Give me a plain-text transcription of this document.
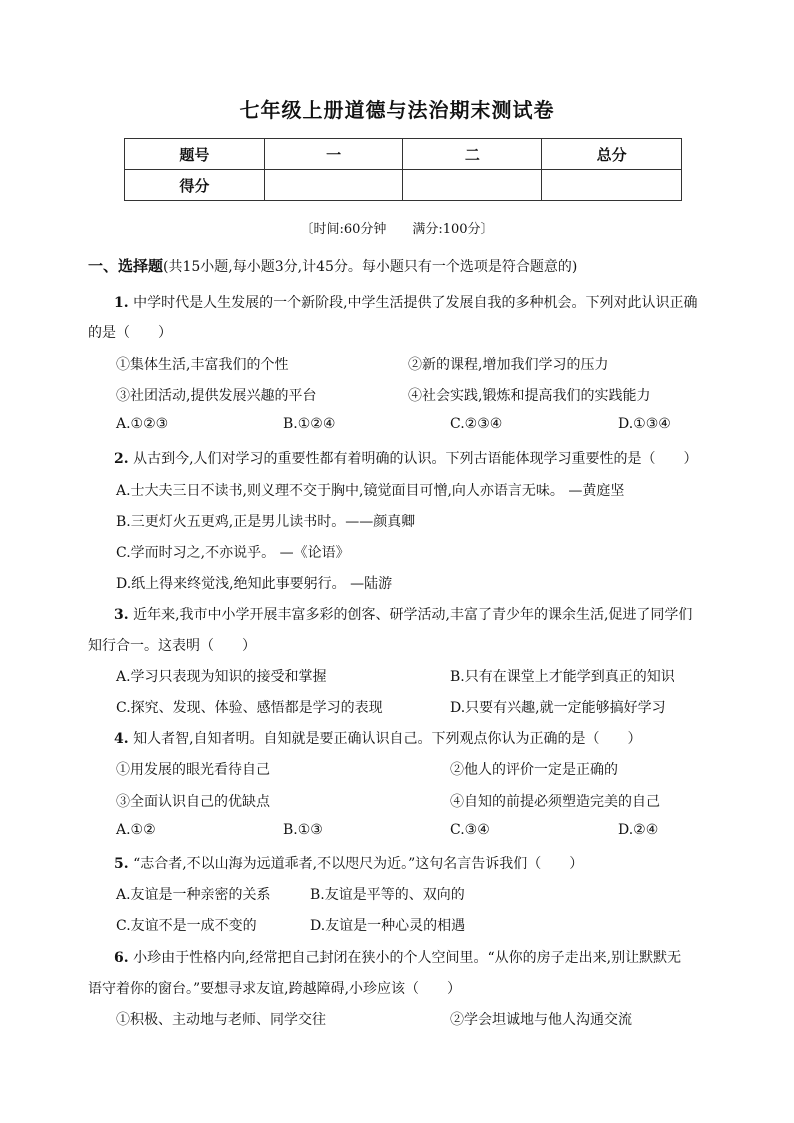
七年级上册道德与法治期末测试卷
题号	一	二	总分
得分			
〔时间:60分钟　　满分:100分〕
一、选择题(共15小题,每小题3分,计45分。每小题只有一个选项是符合题意的)
1. 中学时代是人生发展的一个新阶段,中学生活提供了发展自我的多种机会。下列对此认识正确
的是（　　）
①集体生活,丰富我们的个性	②新的课程,增加我们学习的压力
③社团活动,提供发展兴趣的平台	④社会实践,锻炼和提高我们的实践能力
A.①②③	B.①②④	C.②③④	D.①③④
2. 从古到今,人们对学习的重要性都有着明确的认识。下列古语能体现学习重要性的是（　　）
A.士大夫三日不读书,则义理不交于胸中,镜觉面目可憎,向人亦语言无味。 —黄庭坚
B.三更灯火五更鸡,正是男儿读书时。——颜真卿
C.学而时习之,不亦说乎。 —《论语》
D.纸上得来终觉浅,绝知此事要躬行。 —陆游
3. 近年来,我市中小学开展丰富多彩的创客、研学活动,丰富了青少年的课余生活,促进了同学们
知行合一。这表明（　　）
A.学习只表现为知识的接受和掌握	B.只有在课堂上才能学到真正的知识
C.探究、发现、体验、感悟都是学习的表现	D.只要有兴趣,就一定能够搞好学习
4. 知人者智,自知者明。自知就是要正确认识自己。下列观点你认为正确的是（　　）
①用发展的眼光看待自己	②他人的评价一定是正确的
③全面认识自己的优缺点	④自知的前提必须塑造完美的自己
A.①②	B.①③	C.③④	D.②④
5. “志合者,不以山海为远道乖者,不以咫尺为近。”这句名言告诉我们（　　）
A.友谊是一种亲密的关系	B.友谊是平等的、双向的
C.友谊不是一成不变的	D.友谊是一种心灵的相遇
6. 小珍由于性格内向,经常把自己封闭在狭小的个人空间里。“从你的房子走出来,别让默默无
语守着你的窗台。”要想寻求友谊,跨越障碍,小珍应该（　　）
①积极、主动地与老师、同学交往	②学会坦诚地与他人沟通交流
